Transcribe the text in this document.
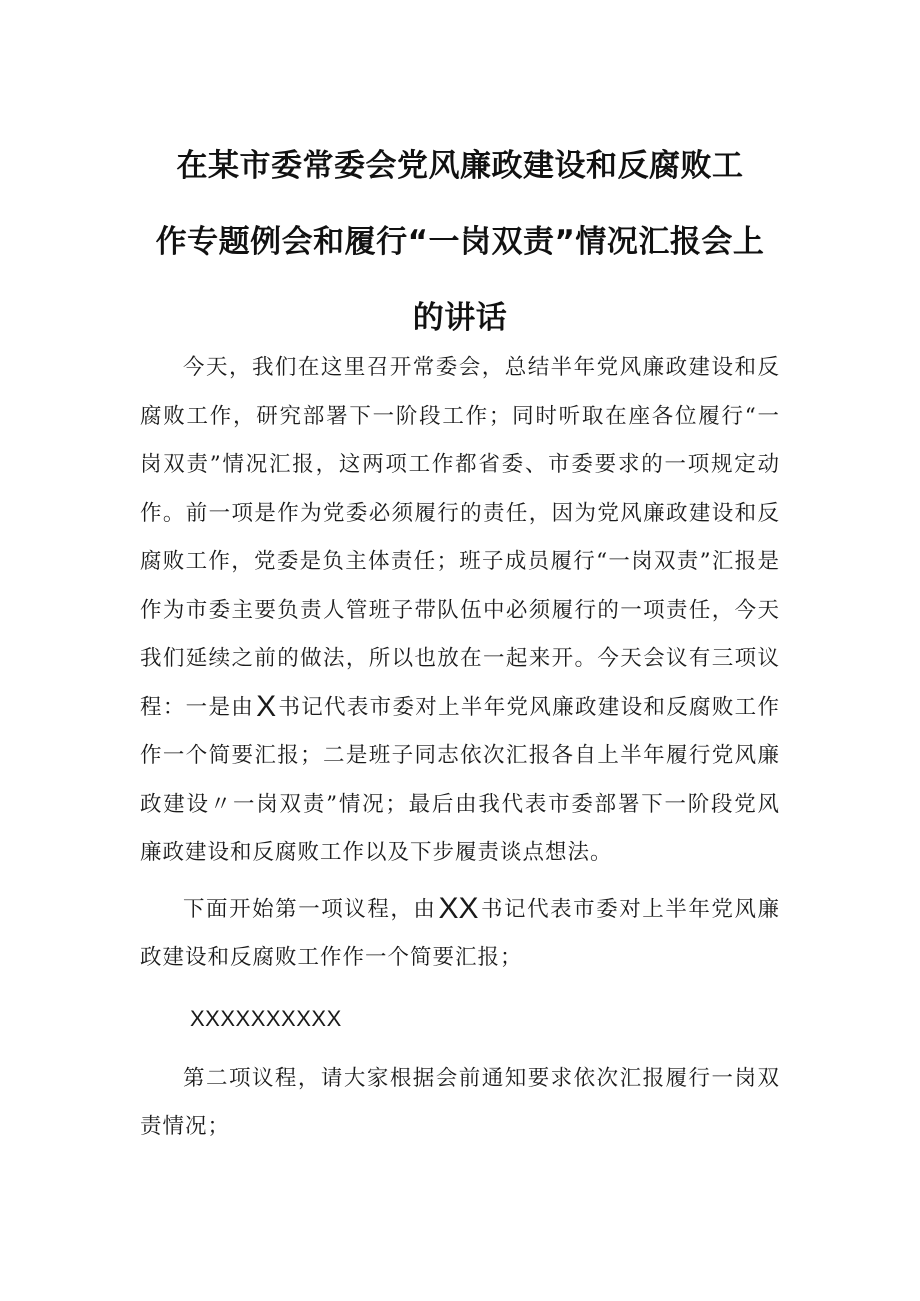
在某市委常委会党风廉政建设和反腐败工
作专题例会和履行“一岗双责”情况汇报会上
的讲话

今天，我们在这里召开常委会，总结半年党风廉政建设和反腐败工作，研究部署下一阶段工作；同时听取在座各位履行“一岗双责”情况汇报，这两项工作都省委、市委要求的一项规定动作。前一项是作为党委必须履行的责任，因为党风廉政建设和反腐败工作，党委是负主体责任；班子成员履行“一岗双责”汇报是作为市委主要负责人管班子带队伍中必须履行的一项责任，今天我们延续之前的做法，所以也放在一起来开。今天会议有三项议程：一是由X书记代表市委对上半年党风廉政建设和反腐败工作作一个简要汇报；二是班子同志依次汇报各自上半年履行党风廉政建设〃一岗双责”情况；最后由我代表市委部署下一阶段党风廉政建设和反腐败工作以及下步履责谈点想法。

下面开始第一项议程，由XX书记代表市委对上半年党风廉政建设和反腐败工作作一个简要汇报；

XXXXXXXXXX

第二项议程，请大家根据会前通知要求依次汇报履行一岗双责情况；
